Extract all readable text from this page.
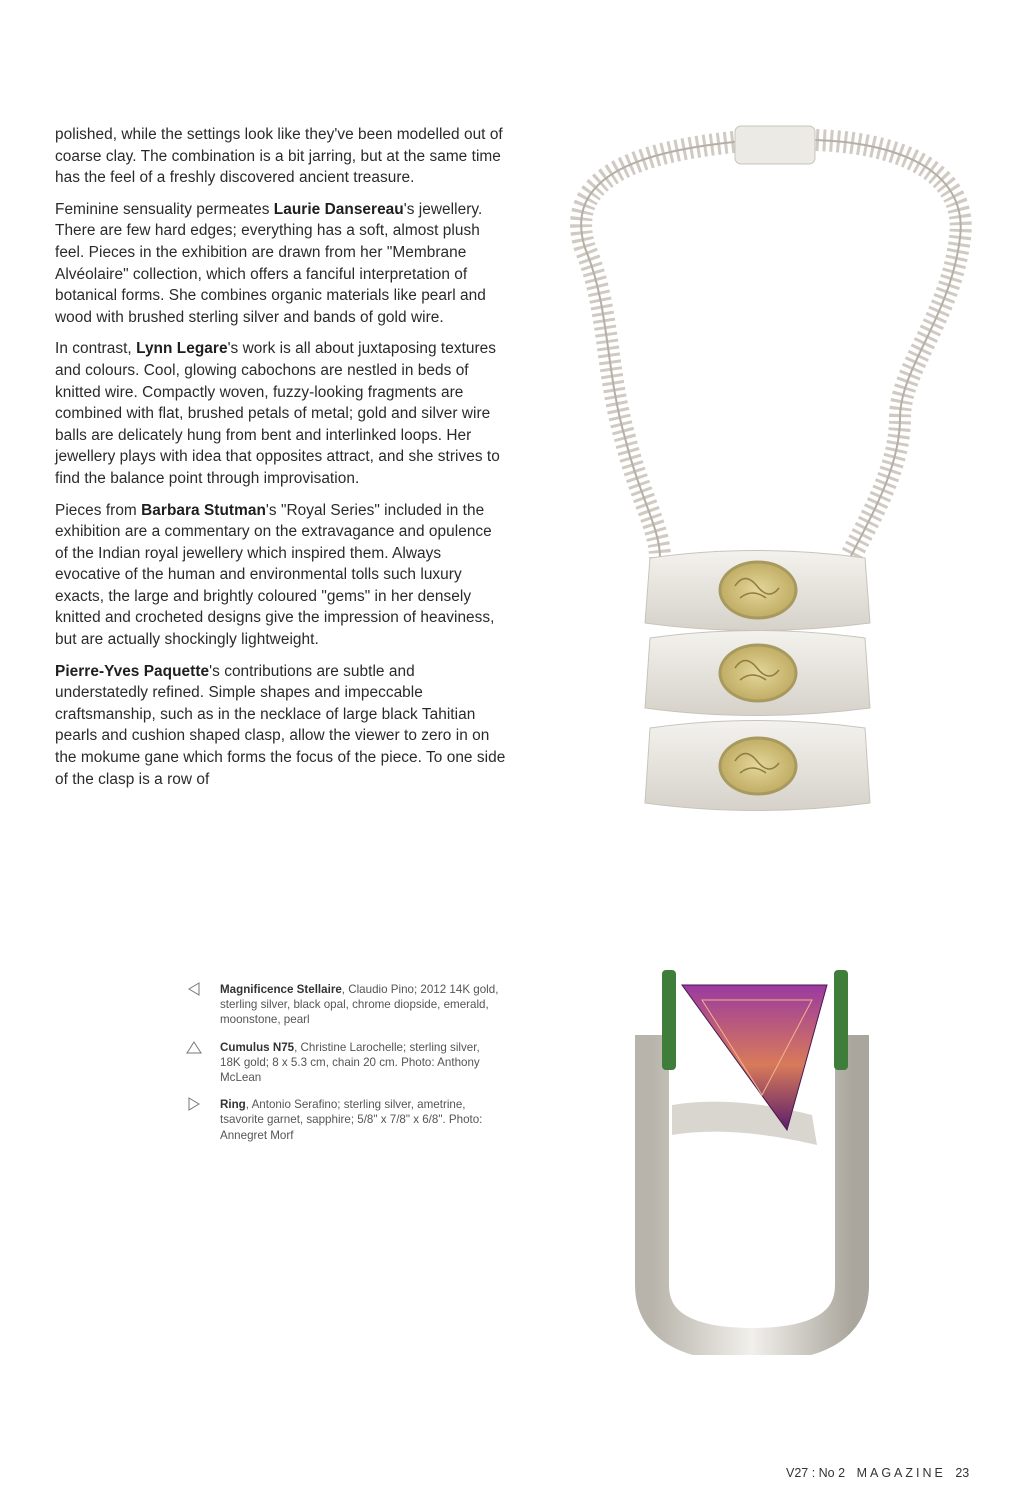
polished, while the settings look like they've been modelled out of coarse clay. The combination is a bit jarring, but at the same time has the feel of a freshly discovered ancient treasure.

Feminine sensuality permeates Laurie Dansereau's jewellery. There are few hard edges; everything has a soft, almost plush feel. Pieces in the exhibition are drawn from her "Membrane Alvéolaire" collection, which offers a fanciful interpretation of botanical forms. She combines organic materials like pearl and wood with brushed sterling silver and bands of gold wire.

In contrast, Lynn Legare's work is all about juxtaposing textures and colours. Cool, glowing cabochons are nestled in beds of knitted wire. Compactly woven, fuzzy-looking fragments are combined with flat, brushed petals of metal; gold and silver wire balls are delicately hung from bent and interlinked loops. Her jewellery plays with idea that opposites attract, and she strives to find the balance point through improvisation.

Pieces from Barbara Stutman's "Royal Series" included in the exhibition are a commentary on the extravagance and opulence of the Indian royal jewellery which inspired them. Always evocative of the human and environmental tolls such luxury exacts, the large and brightly coloured "gems" in her densely knitted and crocheted designs give the impression of heaviness, but are actually shockingly lightweight.

Pierre-Yves Paquette's contributions are subtle and understatedly refined. Simple shapes and impeccable craftsmanship, such as in the necklace of large black Tahitian pearls and cushion shaped clasp, allow the viewer to zero in on the mokume gane which forms the focus of the piece. To one side of the clasp is a row of

Magnificence Stellaire, Claudio Pino; 2012 14K gold, sterling silver, black opal, chrome diopside, emerald, moonstone, pearl
Cumulus N75, Christine Larochelle; sterling silver, 18K gold; 8 x 5.3 cm, chain 20 cm. Photo: Anthony McLean
Ring, Antonio Serafino; sterling silver, ametrine, tsavorite garnet, sapphire; 5/8" x 7/8" x 6/8". Photo: Annegret Morf
V27 : No 2 MAGAZINE 23
